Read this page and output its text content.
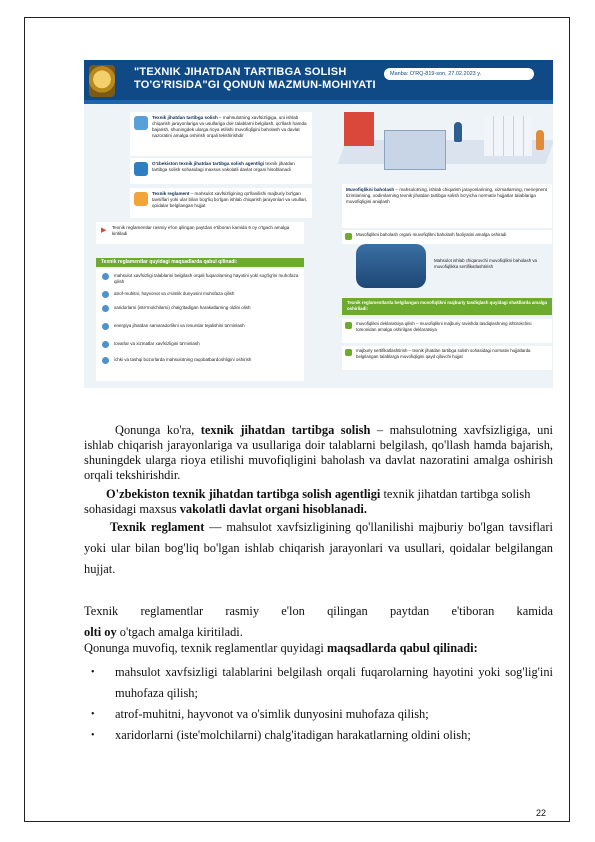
"TEXNIK JIHATDAN TARTIBGA SOLISH TO'G'RISIDA"GI QONUN MAZMUN-MOHIYATI
Manba: O'RQ-819-son, 27.02.2023 y.
Texnik jihatdan tartibga solish – mahsulotning xavfsizligiga, uni ishlab chiqarish jarayonlariga va usullariga doir talablarni belgilash, qo'llash hamda bajarish, shuningdek ularga rioya etilishi muvofiqligini baholash va davlat nazoratini amalga oshirish orqali tekshirishdir
O'zbekiston texnik jihatdan tartibga solish agentligi texnik jihatdan tartibga solish sohasidagi maxsus vakolatli davlat organi hisoblanadi
Texnik reglament – mahsulot xavfsizligining qo'llanilishi majburiy bo'lgan tavsiflari yoki ular bilan bog'liq bo'lgan ishlab chiqarish jarayonlari va usullari, qoidalar belgilangan hujjat
▶ Texnik reglamentlar rasmiy e'lon qilingan paytdan e'tiboran kamida 6 oy o'tgach amalga kiritiladi
Texnik reglamentlar quyidagi maqsadlarda qabul qilinadi:
mahsulot xavfsizligi talablarini belgilash orqali fuqarolarning hayotini yoki sog'lig'ini muhofaza qilish
atrof-muhitni, hayvonot va o'simlik dunyosini muhofaza qilish
xaridorlarni (iste'molchilarni) chalg'itadigan harakatlarning oldini olish
energiya jihatdan samaradorlikni va resurslar tejalishini ta'minlash
tovarlar va xizmatlar xavfsizligini ta'minlash
ichki va tashqi bozorlarda mahsulotning raqobatbardoshligini oshirish
Muvofiqlikni baholash – mahsulotning, ishlab chiqarish jarayonlarining, xizmatlarning, menejment tizimlarining, xodimlarning texnik jihatdan tartibga solish bo'yicha normativ hujjatlar talablariga muvofiqligini aniqlash
Muvofiqlikni baholash organi muvofiqlikni baholash faoliyatini amalga oshiradi
Mahsulot ishlab chiqaruvchi muvofiqlikni baholash va muvofiqlikka sertifikatlashtirish
Texnik reglamentlarda belgilangan muvofiqlikni majburiy tasdiqlash quyidagi shakllarda amalga oshiriladi:
muvofiqlikni deklaratsiya qilish – muvofiqlikni majburiy ravishda tasdiqlashning ishtirokchisi tomonidan amalga oshirilgan deklaratsiya
majburiy sertifikatlashtirish – texnik jihatdan tartibga solish sohasidagi normativ hujjatlarda belgilangan talablarga muvofiqligini qayd qiluvchi hujjat
Qonunga ko'ra, texnik jihatdan tartibga solish – mahsulotning xavfsizligiga, uni ishlab chiqarish jarayonlariga va usullariga doir talablarni belgilash, qo'llash hamda bajarish, shuningdek ularga rioya etilishi muvofiqligini baholash va davlat nazoratini amalga oshirish orqali tekshirishdir.
O'zbekiston texnik jihatdan tartibga solish agentligi texnik jihatdan tartibga solish sohasidagi maxsus vakolatli davlat organi hisoblanadi.
Texnik reglament — mahsulot xavfsizligining qo'llanilishi majburiy bo'lgan tavsiflari yoki ular bilan bog'liq bo'lgan ishlab chiqarish jarayonlari va usullari, qoidalar belgilangan hujjat.
Texnik reglamentlar rasmiy e'lon qilingan paytdan e'tiboran kamida olti oy o'tgach amalga kiritiladi.
Qonunga muvofiq, texnik reglamentlar quyidagi maqsadlarda qabul qilinadi:
• mahsulot xavfsizligi talablarini belgilash orqali fuqarolarning hayotini yoki sog'lig'ini muhofaza qilish;
• atrof-muhitni, hayvonot va o'simlik dunyosini muhofaza qilish;
• xaridorlarni (iste'molchilarni) chalg'itadigan harakatlarning oldini olish;
22
